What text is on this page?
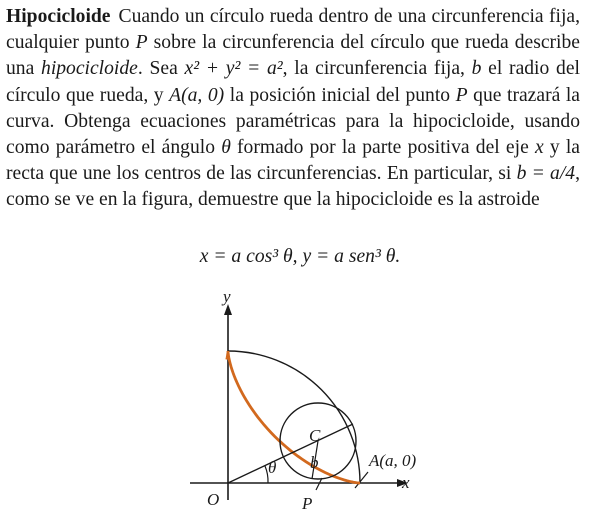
Hipocicloide Cuando un círculo rueda dentro de una circunferencia fija, cualquier punto P sobre la circunferencia del círculo que rueda describe una hipocicloide. Sea x² + y² = a², la circunferencia fija, b el radio del círculo que rueda, y A(a, 0) la posición inicial del punto P que trazará la curva. Obtenga ecuaciones paramétricas para la hipocicloide, usando como parámetro el ángulo θ formado por la parte positiva del eje x y la recta que une los centros de las circunferencias. En particular, si b = a/4, como se ve en la figura, demuestre que la hipocicloide es la astroide
x = a cos³ θ, y = a sen³ θ.
y
x
O
θ
C
b	A(a, 0)
P
